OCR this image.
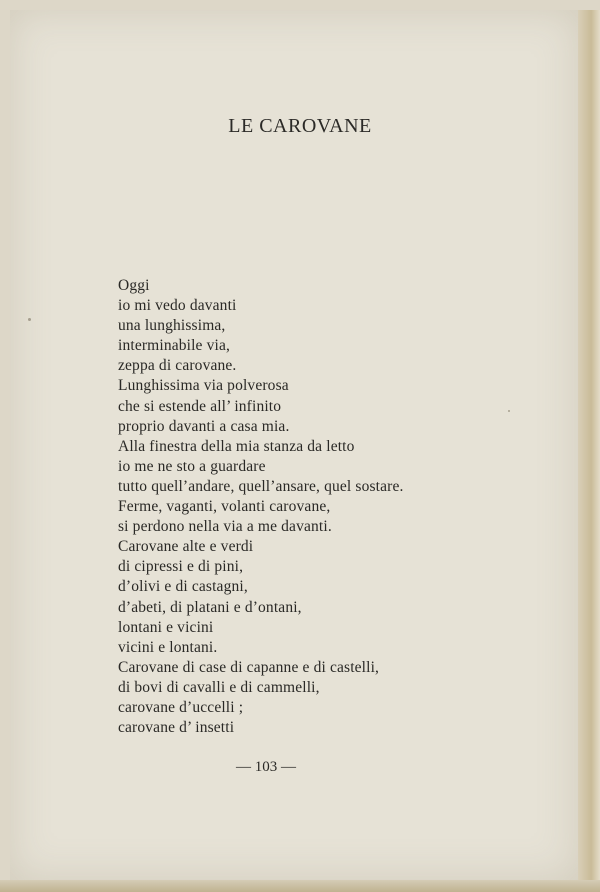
LE CAROVANE
Oggi
io mi vedo davanti
una lunghissima,
interminabile via,
zeppa di carovane.
Lunghissima via polverosa
che si estende all’ infinito
proprio davanti a casa mia.
Alla finestra della mia stanza da letto
io me ne sto a guardare
tutto quell’andare, quell’ansare, quel sostare.
Ferme, vaganti, volanti carovane,
si perdono nella via a me davanti.
Carovane alte e verdi
di cipressi e di pini,
d’olivi e di castagni,
d’abeti, di platani e d’ontani,
lontani e vicini
vicini e lontani.
Carovane di case di capanne e di castelli,
di bovi di cavalli e di cammelli,
carovane d’uccelli ;
carovane d’ insetti
— 103 —
